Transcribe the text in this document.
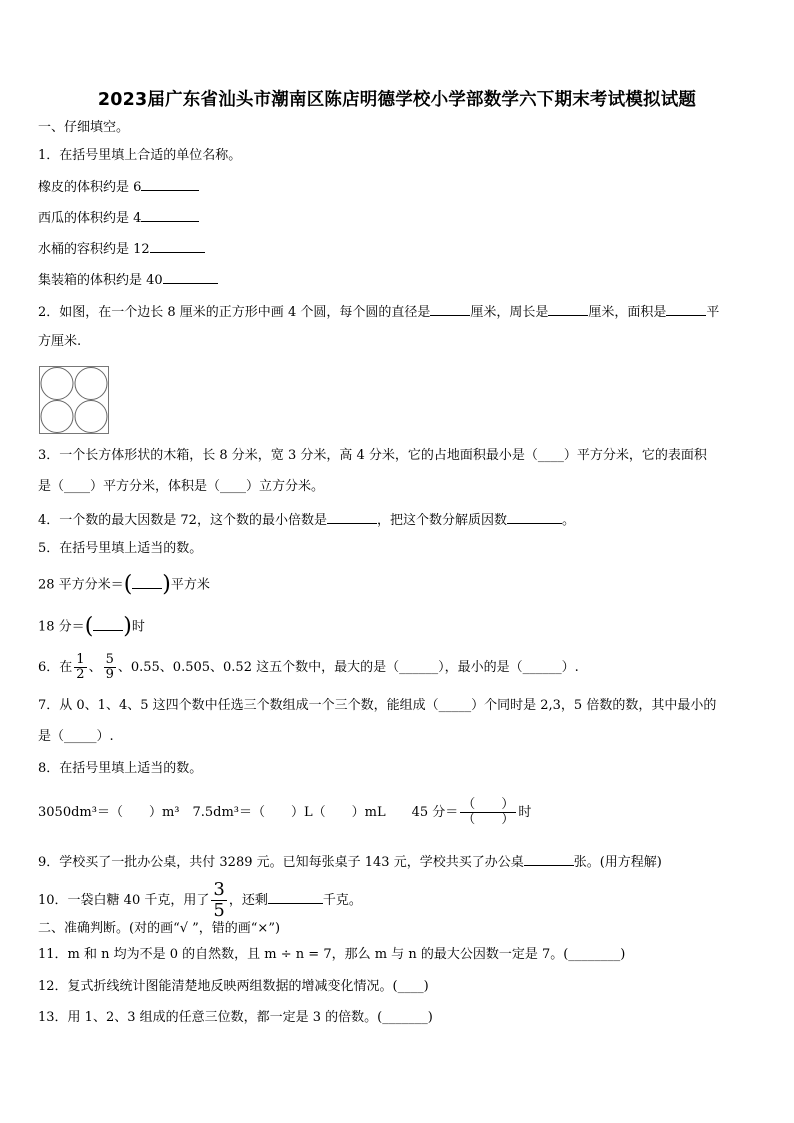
2023届广东省汕头市潮南区陈店明德学校小学部数学六下期末考试模拟试题
一、仔细填空。
1．在括号里填上合适的单位名称。
橡皮的体积约是 6
西瓜的体积约是 4
水桶的容积约是 12
集装箱的体积约是 40
2．如图，在一个边长 8 厘米的正方形中画 4 个圆，每个圆的直径是	厘米，周长是	厘米，面积是	平
方厘米.
3．一个长方体形状的木箱，长 8 分米，宽 3 分米，高 4 分米，它的占地面积最小是（____）平方分米，它的表面积
是（____）平方分米，体积是（____）立方分米。
4．一个数的最大因数是 72，这个数的最小倍数是	，把这个数分解质因数	。
5．在括号里填上适当的数。
28 平方分米＝( )平方米
18 分＝( )时
6．在 $\frac{1}{2}$ 、 $\frac{5}{9}$ 、0.55、0.505、0.52 这五个数中，最大的是（______），最小的是（______）.
7．从 0、1、4、5 这四个数中任选三个数组成一个三个数，能组成（_____）个同时是 2,3，5 倍数的数，其中最小的
是（_____）.
8．在括号里填上适当的数。
3050dm³＝（　　）m³　7.5dm³＝（　　）L（　　）mL　　45 分＝ $\frac{( )}{( )}$ 时
9．学校买了一批办公桌，共付 3289 元。已知每张桌子 143 元，学校共买了办公桌	张。(用方程解)
10．一袋白糖 40 千克，用了 $\frac{3}{5}$ ，还剩	千克。
二、准确判断。(对的画“√ ”，错的画“×”)
11．m 和 n 均为不是 0 的自然数，且 m ÷ n = 7，那么 m 与 n 的最大公因数一定是 7。(________)
12．复式折线统计图能清楚地反映两组数据的增减变化情况。(____)
13．用 1、2、3 组成的任意三位数，都一定是 3 的倍数。(_______)
